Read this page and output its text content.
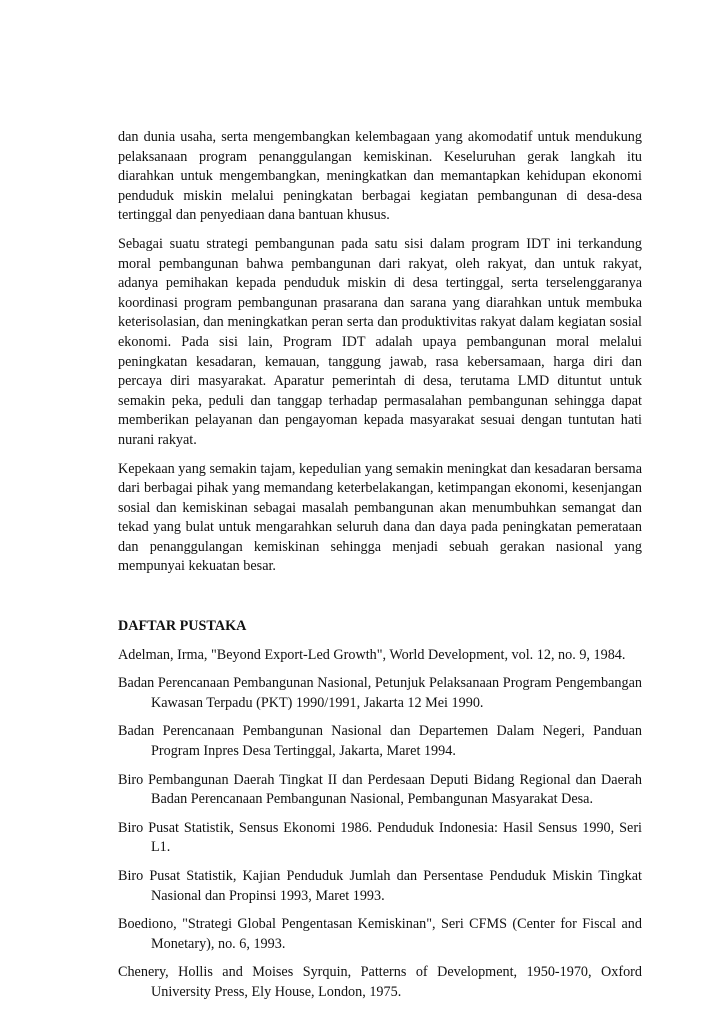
dan dunia usaha, serta mengembangkan kelembagaan yang akomodatif untuk mendukung pelaksanaan program penanggulangan kemiskinan. Keseluruhan gerak langkah itu diarahkan untuk mengembangkan, meningkatkan dan memantapkan kehidupan ekonomi penduduk miskin melalui peningkatan berbagai kegiatan pembangunan di desa-desa tertinggal dan penyediaan dana bantuan khusus.

Sebagai suatu strategi pembangunan pada satu sisi dalam program IDT ini terkandung moral pembangunan bahwa pembangunan dari rakyat, oleh rakyat, dan untuk rakyat, adanya pemihakan kepada penduduk miskin di desa tertinggal, serta terselenggaranya koordinasi program pembangunan prasarana dan sarana yang diarahkan untuk membuka keterisolasian, dan meningkatkan peran serta dan produktivitas rakyat dalam kegiatan sosial ekonomi. Pada sisi lain, Program IDT adalah upaya pembangunan moral melalui peningkatan kesadaran, kemauan, tanggung jawab, rasa kebersamaan, harga diri dan percaya diri masyarakat. Aparatur pemerintah di desa, terutama LMD dituntut untuk semakin peka, peduli dan tanggap terhadap permasalahan pembangunan sehingga dapat memberikan pelayanan dan pengayoman kepada masyarakat sesuai dengan tuntutan hati nurani rakyat.

Kepekaan yang semakin tajam, kepedulian yang semakin meningkat dan kesadaran bersama dari berbagai pihak yang memandang keterbelakangan, ketimpangan ekonomi, kesenjangan sosial dan kemiskinan sebagai masalah pembangunan akan menumbuhkan semangat dan tekad yang bulat untuk mengarahkan seluruh dana dan daya pada peningkatan pemerataan dan penanggulangan kemiskinan sehingga menjadi sebuah gerakan nasional yang mempunyai kekuatan besar.

DAFTAR PUSTAKA

Adelman, Irma, "Beyond Export-Led Growth", World Development, vol. 12, no. 9, 1984.

Badan Perencanaan Pembangunan Nasional, Petunjuk Pelaksanaan Program Pengembangan Kawasan Terpadu (PKT) 1990/1991, Jakarta 12 Mei 1990.

Badan Perencanaan Pembangunan Nasional dan Departemen Dalam Negeri, Panduan Program Inpres Desa Tertinggal, Jakarta, Maret 1994.

Biro Pembangunan Daerah Tingkat II dan Perdesaan Deputi Bidang Regional dan Daerah Badan Perencanaan Pembangunan Nasional, Pembangunan Masyarakat Desa.

Biro Pusat Statistik, Sensus Ekonomi 1986. Penduduk Indonesia: Hasil Sensus 1990, Seri L1.

Biro Pusat Statistik, Kajian Penduduk Jumlah dan Persentase Penduduk Miskin Tingkat Nasional dan Propinsi 1993, Maret 1993.

Boediono, "Strategi Global Pengentasan Kemiskinan", Seri CFMS (Center for Fiscal and Monetary), no. 6, 1993.

Chenery, Hollis and Moises Syrquin, Patterns of Development, 1950-1970, Oxford University Press, Ely House, London, 1975.
